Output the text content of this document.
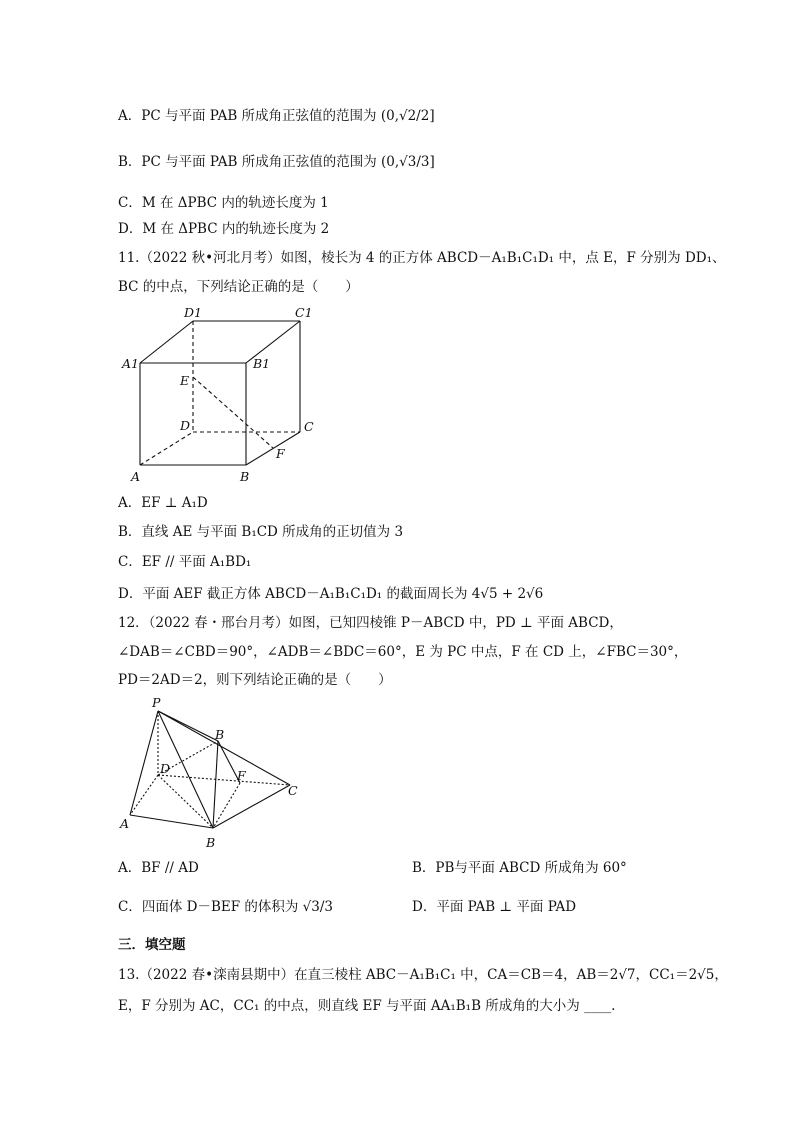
A．PC 与平面 PAB 所成角正弦值的范围为 (0,√2/2]
B．PC 与平面 PAB 所成角正弦值的范围为 (0,√3/3]
C．M 在 ΔPBC 内的轨迹长度为 1
D．M 在 ΔPBC 内的轨迹长度为 2
11.（2022 秋•河北月考）如图，棱长为 4 的正方体 ABCD－A₁B₁C₁D₁ 中，点 E，F 分别为 DD₁、
BC 的中点，下列结论正确的是（　　）
D1	C1
A1	B1
E
D	C
F
A	B
A．EF ⊥ A₁D
B．直线 AE 与平面 B₁CD 所成角的正切值为 3
C．EF // 平面 A₁BD₁
D．平面 AEF 截正方体 ABCD－A₁B₁C₁D₁ 的截面周长为 4√5 + 2√6
12．（2022 春・邢台月考）如图，已知四棱锥 P－ABCD 中，PD ⊥ 平面 ABCD，
∠DAB＝∠CBD＝90°，∠ADB＝∠BDC＝60°，E 为 PC 中点，F 在 CD 上，∠FBC＝30°，
PD＝2AD＝2，则下列结论正确的是（　　）
P
B
D	F
C
A
B
A．BF // AD	B．PB与平面 ABCD 所成角为 60°
C．四面体 D－BEF 的体积为 √3/3	D．平面 PAB ⊥ 平面 PAD
三．填空题
13.（2022 春•滦南县期中）在直三棱柱 ABC－A₁B₁C₁ 中，CA＝CB＝4，AB＝2√7，CC₁＝2√5，
E，F 分别为 AC，CC₁ 的中点，则直线 EF 与平面 AA₁B₁B 所成角的大小为 ____.
